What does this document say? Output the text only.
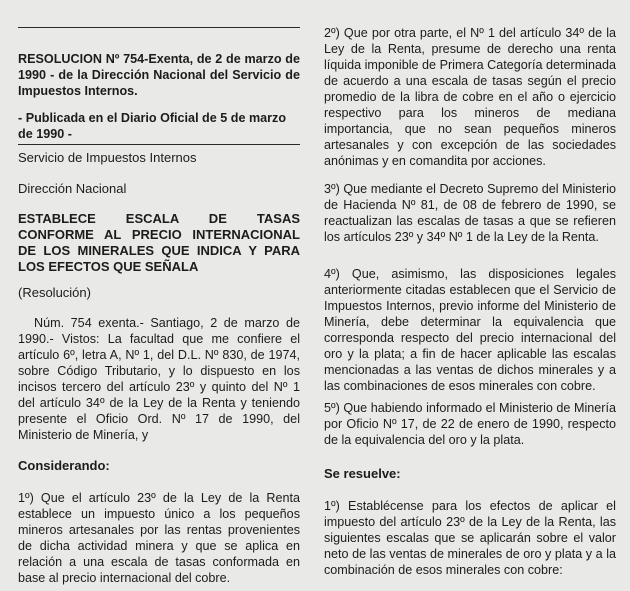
RESOLUCION Nº 754-Exenta, de 2 de marzo de 1990 - de la Dirección Nacional del Servicio de Impuestos Internos.

- Publicada en el Diario Oficial de 5 de marzo de 1990 -

Servicio de Impuestos Internos

Dirección Nacional

ESTABLECE ESCALA DE TASAS CONFORME AL PRECIO INTERNACIONAL DE LOS MINERALES QUE INDICA Y PARA LOS EFECTOS QUE SEÑALA

(Resolución)

Núm. 754 exenta.- Santiago, 2 de marzo de 1990.- Vistos: La facultad que me confiere el artículo 6º, letra A, Nº 1, del D.L. Nº 830, de 1974, sobre Código Tributario, y lo dispuesto en los incisos tercero del artículo 23º y quinto del Nº 1 del artículo 34º de la Ley de la Renta y teniendo presente el Oficio Ord. Nº 17 de 1990, del Ministerio de Minería, y

Considerando:

1º) Que el artículo 23º de la Ley de la Renta establece un impuesto único a los pequeños mineros artesanales por las rentas provenientes de dicha actividad minera y que se aplica en relación a una escala de tasas conformada en base al precio internacional del cobre.

2º) Que por otra parte, el Nº 1 del artículo 34º de la Ley de la Renta, presume de derecho una renta líquida imponible de Primera Categoría determinada de acuerdo a una escala de tasas según el precio promedio de la libra de cobre en el año o ejercicio respectivo para los mineros de mediana importancia, que no sean pequeños mineros artesanales y con excepción de las sociedades anónimas y en comandita por acciones.

3º) Que mediante el Decreto Supremo del Ministerio de Hacienda Nº 81, de 08 de febrero de 1990, se reactualizan las escalas de tasas a que se refieren los artículos 23º y 34º Nº 1 de la Ley de la Renta.

4º) Que, asimismo, las disposiciones legales anteriormente citadas establecen que el Servicio de Impuestos Internos, previo informe del Ministerio de Minería, debe determinar la equivalencia que corresponda respecto del precio internacional del oro y la plata; a fin de hacer aplicable las escalas mencionadas a las ventas de dichos minerales y a las combinaciones de esos minerales con cobre.

5º) Que habiendo informado el Ministerio de Minería por Oficio Nº 17, de 22 de enero de 1990, respecto de la equivalencia del oro y la plata.

Se resuelve:

1º) Establécense para los efectos de aplicar el impuesto del artículo 23º de la Ley de la Renta, las siguientes escalas que se aplicarán sobre el valor neto de las ventas de minerales de oro y plata y a la combinación de esos minerales con cobre:
